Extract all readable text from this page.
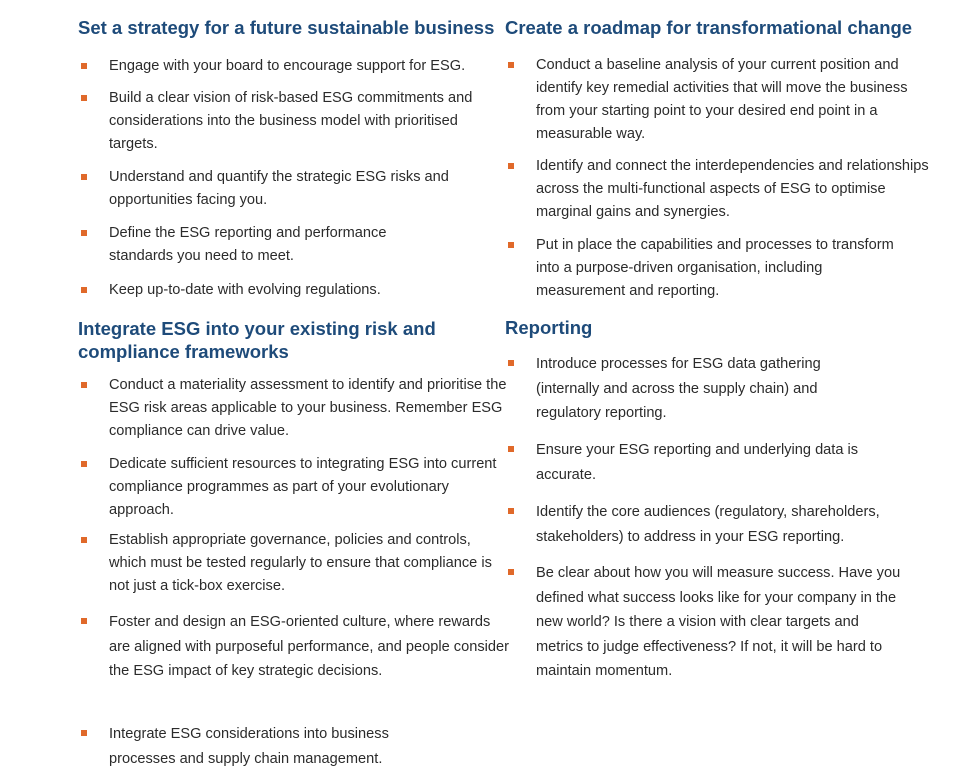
Set a strategy for a future sustainable business
Engage with your board to encourage support for ESG.
Build a clear vision of risk-based ESG commitments and considerations into the business model with prioritised targets.
Understand and quantify the strategic ESG risks and opportunities facing you.
Define the ESG reporting and performance standards you need to meet.
Keep up-to-date with evolving regulations.
Integrate ESG into your existing risk and compliance frameworks
Conduct a materiality assessment to identify and prioritise the ESG risk areas applicable to your business. Remember ESG compliance can drive value.
Dedicate sufficient resources to integrating ESG into current compliance programmes as part of your evolutionary approach.
Establish appropriate governance, policies and controls, which must be tested regularly to ensure that compliance is not just a tick-box exercise.
Foster and design an ESG-oriented culture, where rewards are aligned with purposeful performance, and people consider the ESG impact of key strategic decisions.
Integrate ESG considerations into business processes and supply chain management.
Create a roadmap for transformational change
Conduct a baseline analysis of your current position and identify key remedial activities that will move the business from your starting point to your desired end point in a measurable way.
Identify and connect the interdependencies and relationships across the multi-functional aspects of ESG to optimise marginal gains and synergies.
Put in place the capabilities and processes to transform into a purpose-driven organisation, including measurement and reporting.
Reporting
Introduce processes for ESG data gathering (internally and across the supply chain) and regulatory reporting.
Ensure your ESG reporting and underlying data is accurate.
Identify the core audiences (regulatory, shareholders, stakeholders) to address in your ESG reporting.
Be clear about how you will measure success. Have you defined what success looks like for your company in the new world? Is there a vision with clear targets and metrics to judge effectiveness? If not, it will be hard to maintain momentum.
